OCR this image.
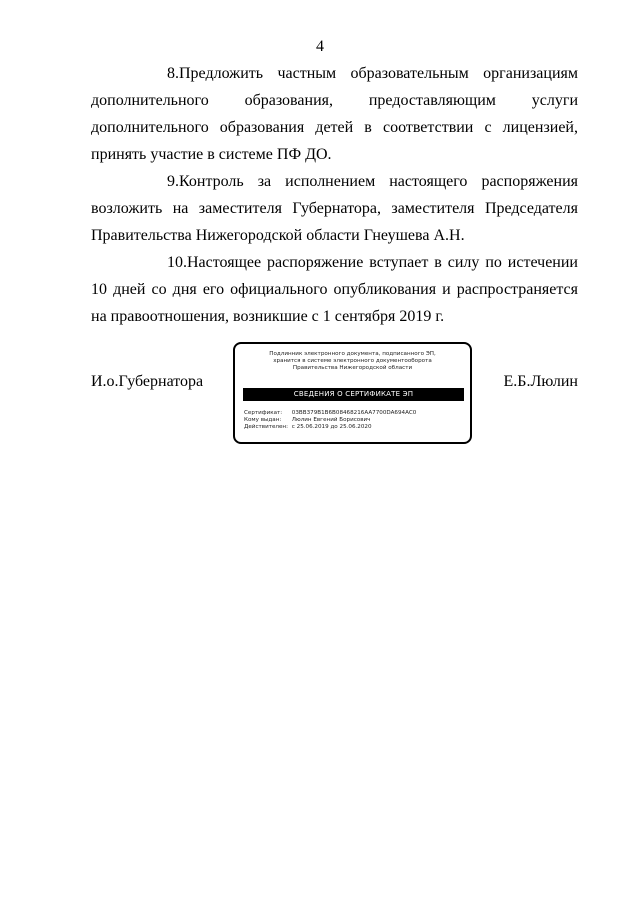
4

8.Предложить частным образовательным организациям дополнительного образования, предоставляющим услуги дополнительного образования детей в соответствии с лицензией, принять участие в системе ПФ ДО.

9.Контроль за исполнением настоящего распоряжения возложить на заместителя Губернатора, заместителя Председателя Правительства Нижегородской области Гнеушева А.Н.

10.Настоящее распоряжение вступает в силу по истечении 10 дней со дня его официального опубликования и распространяется на правоотношения, возникшие с 1 сентября 2019 г.

И.о.Губернатора
Подлинник электронного документа, подписанного ЭП,
хранится в системе электронного документооборота
Правительства Нижегородской области
СВЕДЕНИЯ О СЕРТИФИКАТЕ ЭП
Сертификат: 03BB379B1B6B08468216AA7700DA694AC0
Кому выдан: Люлин Евгений Борисович
Действителен: с 25.06.2019 до 25.06.2020
Е.Б.Люлин
